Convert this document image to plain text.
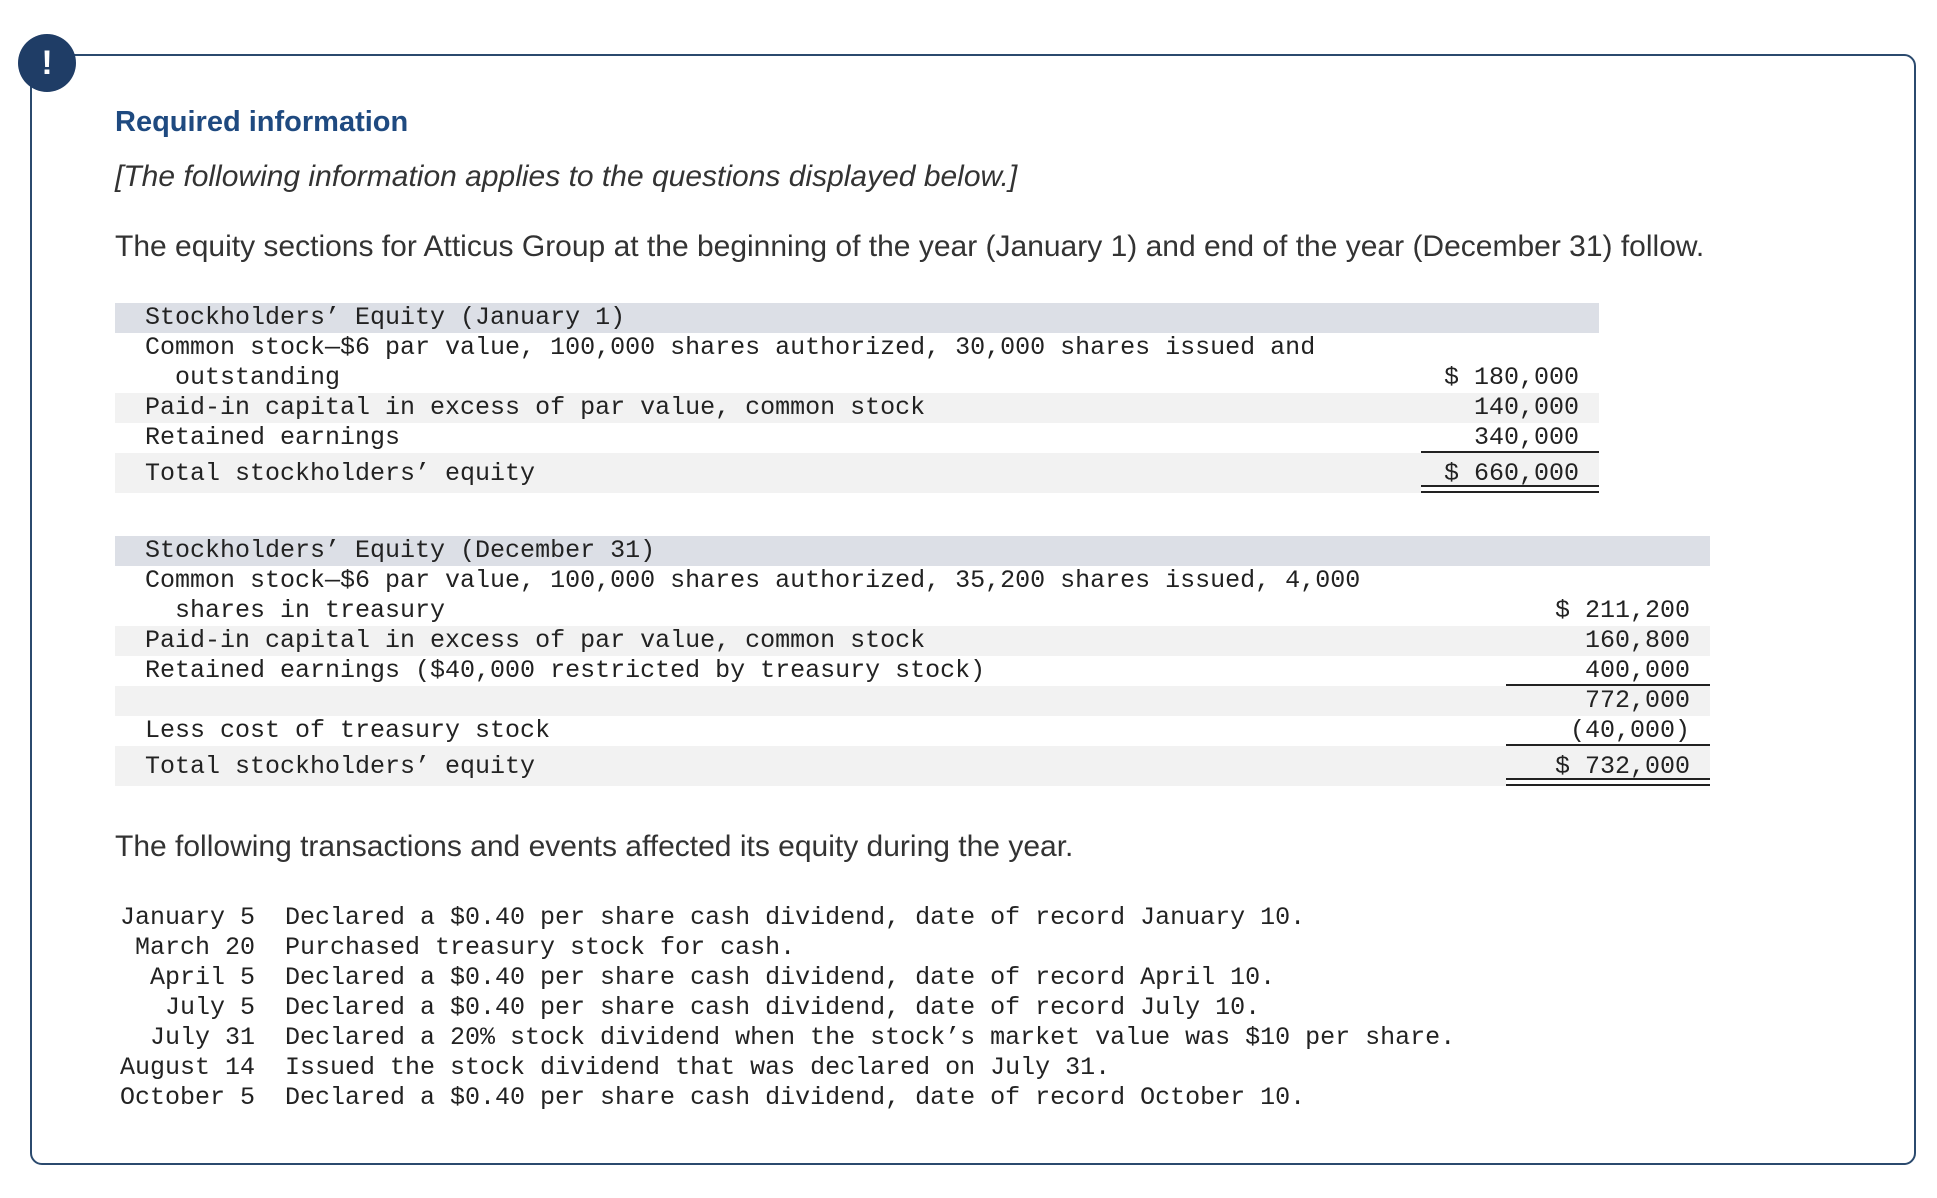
!
Required information
[The following information applies to the questions displayed below.]
The equity sections for Atticus Group at the beginning of the year (January 1) and end of the year (December 31) follow.
Stockholders’ Equity (January 1)	
Common stock—$6 par value, 100,000 shares authorized, 30,000 shares issued and	
outstanding	$ 180,000
Paid-in capital in excess of par value, common stock	140,000
Retained earnings	340,000
Total stockholders’ equity	$ 660,000
Stockholders’ Equity (December 31)	
Common stock—$6 par value, 100,000 shares authorized, 35,200 shares issued, 4,000	
shares in treasury	$ 211,200
Paid-in capital in excess of par value, common stock	160,800
Retained earnings ($40,000 restricted by treasury stock)	400,000
	772,000
Less cost of treasury stock	(40,000)
Total stockholders’ equity	$ 732,000
The following transactions and events affected its equity during the year.
January 5	Declared a $0.40 per share cash dividend, date of record January 10.
March 20	Purchased treasury stock for cash.
April 5	Declared a $0.40 per share cash dividend, date of record April 10.
July 5	Declared a $0.40 per share cash dividend, date of record July 10.
July 31	Declared a 20% stock dividend when the stock’s market value was $10 per share.
August 14	Issued the stock dividend that was declared on July 31.
October 5	Declared a $0.40 per share cash dividend, date of record October 10.
